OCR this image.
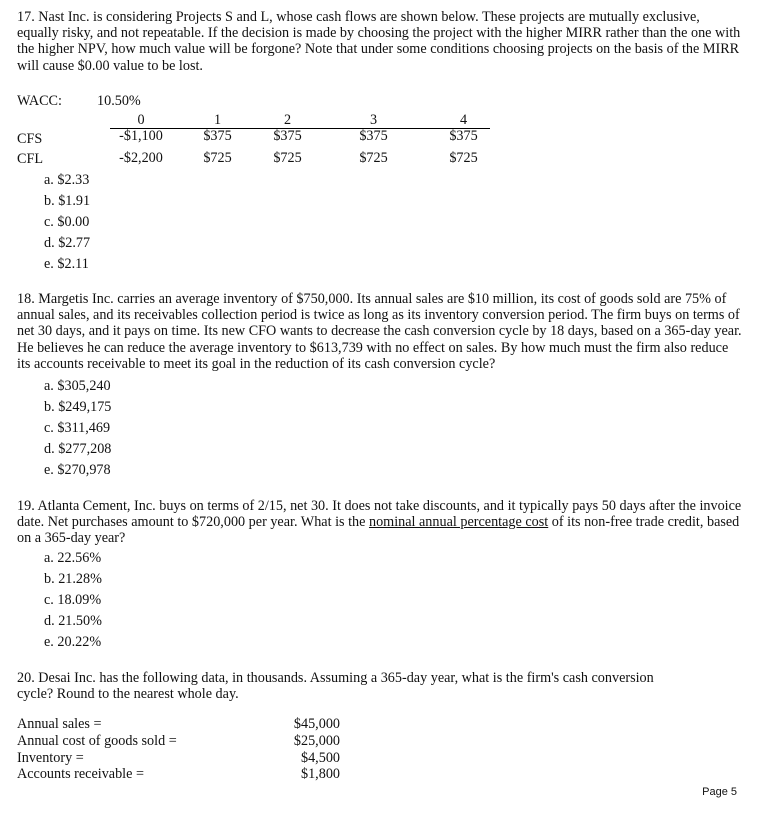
17. Nast Inc. is considering Projects S and L, whose cash flows are shown below. These projects are mutually exclusive, equally risky, and not repeatable. If the decision is made by choosing the project with the higher MIRR rather than the one with the higher NPV, how much value will be forgone? Note that under some conditions choosing projects on the basis of the MIRR will cause $0.00 value to be lost.
WACC: 10.50%
0	1	2	3	4
CFS	-$1,100	$375	$375	$375	$375
CFL	-$2,200	$725	$725	$725	$725
a. $2.33
b. $1.91
c. $0.00
d. $2.77
e. $2.11
18. Margetis Inc. carries an average inventory of $750,000. Its annual sales are $10 million, its cost of goods sold are 75% of annual sales, and its receivables collection period is twice as long as its inventory conversion period. The firm buys on terms of net 30 days, and it pays on time. Its new CFO wants to decrease the cash conversion cycle by 18 days, based on a 365-day year. He believes he can reduce the average inventory to $613,739 with no effect on sales. By how much must the firm also reduce its accounts receivable to meet its goal in the reduction of its cash conversion cycle?
a. $305,240
b. $249,175
c. $311,469
d. $277,208
e. $270,978
19. Atlanta Cement, Inc. buys on terms of 2/15, net 30. It does not take discounts, and it typically pays 50 days after the invoice date. Net purchases amount to $720,000 per year. What is the nominal annual percentage cost of its non-free trade credit, based on a 365-day year?
a. 22.56%
b. 21.28%
c. 18.09%
d. 21.50%
e. 20.22%
20. Desai Inc. has the following data, in thousands. Assuming a 365-day year, what is the firm's cash conversion cycle? Round to the nearest whole day.
Annual sales =	$45,000
Annual cost of goods sold =	$25,000
Inventory =	$4,500
Accounts receivable =	$1,800
Page 5
